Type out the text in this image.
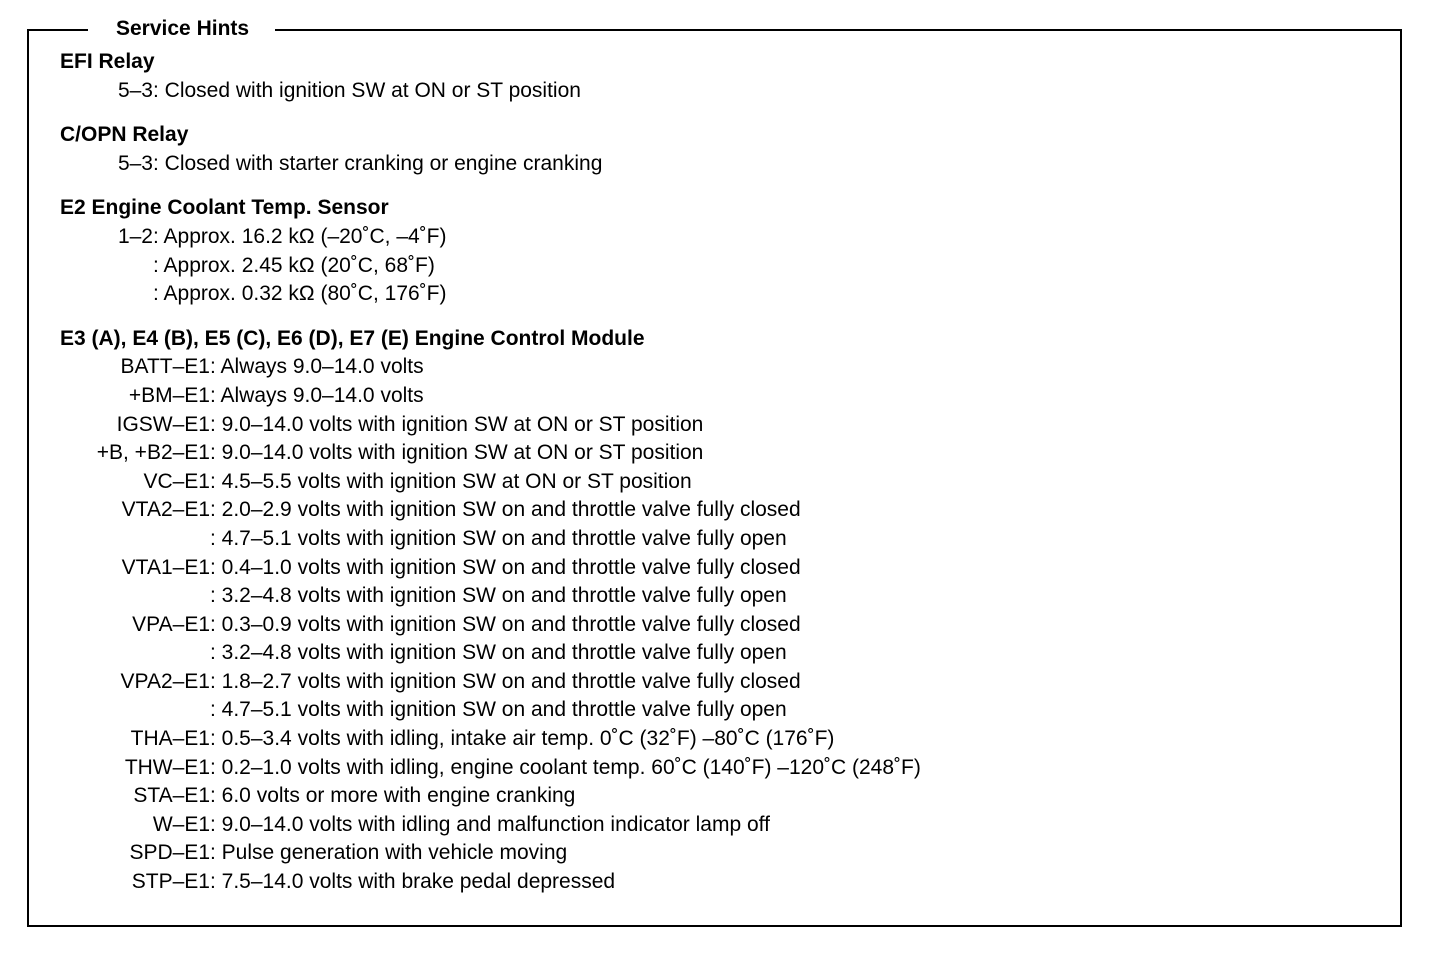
Service Hints
EFI Relay
5–3 : Closed with ignition SW at ON or ST position
C/OPN Relay
5–3 : Closed with starter cranking or engine cranking
E2 Engine Coolant Temp. Sensor
1–2 : Approx. 16.2 kΩ (–20˚C, –4˚F)
: Approx. 2.45 kΩ (20˚C, 68˚F)
: Approx. 0.32 kΩ (80˚C, 176˚F)
E3 (A), E4 (B), E5 (C), E6 (D), E7 (E) Engine Control Module
BATT–E1 : Always 9.0–14.0 volts
+BM–E1 : Always 9.0–14.0 volts
IGSW–E1 : 9.0–14.0 volts with ignition SW at ON or ST position
+B, +B2–E1 : 9.0–14.0 volts with ignition SW at ON or ST position
VC–E1 : 4.5–5.5 volts with ignition SW at ON or ST position
VTA2–E1 : 2.0–2.9 volts with ignition SW on and throttle valve fully closed
: 4.7–5.1 volts with ignition SW on and throttle valve fully open
VTA1–E1 : 0.4–1.0 volts with ignition SW on and throttle valve fully closed
: 3.2–4.8 volts with ignition SW on and throttle valve fully open
VPA–E1 : 0.3–0.9 volts with ignition SW on and throttle valve fully closed
: 3.2–4.8 volts with ignition SW on and throttle valve fully open
VPA2–E1 : 1.8–2.7 volts with ignition SW on and throttle valve fully closed
: 4.7–5.1 volts with ignition SW on and throttle valve fully open
THA–E1 : 0.5–3.4 volts with idling, intake air temp. 0˚C (32˚F) –80˚C (176˚F)
THW–E1 : 0.2–1.0 volts with idling, engine coolant temp. 60˚C (140˚F) –120˚C (248˚F)
STA–E1 : 6.0 volts or more with engine cranking
W–E1 : 9.0–14.0 volts with idling and malfunction indicator lamp off
SPD–E1 : Pulse generation with vehicle moving
STP–E1 : 7.5–14.0 volts with brake pedal depressed
